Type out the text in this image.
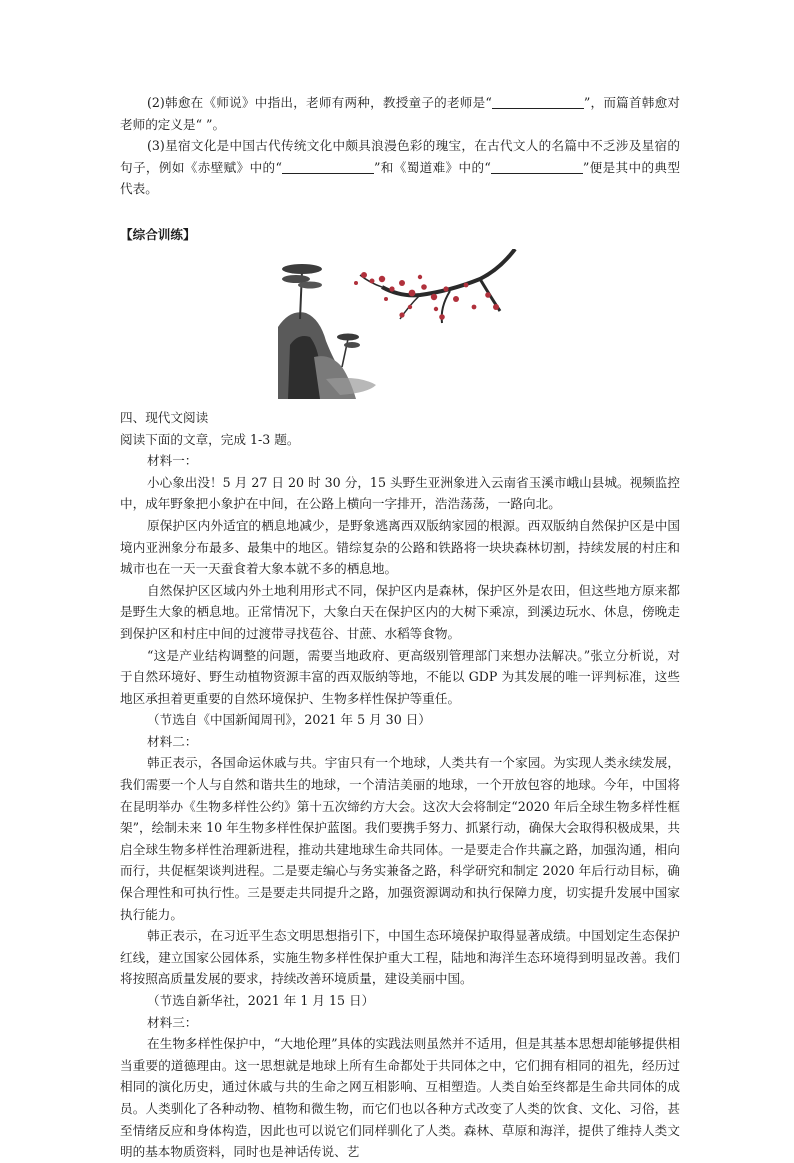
(2)韩愈在《师说》中指出，老师有两种，教授童子的老师是“	”，而篇首韩愈对老师的定义是“ ”。

(3)星宿文化是中国古代传统文化中颇具浪漫色彩的瑰宝，在古代文人的名篇中不乏涉及星宿的句子，例如《赤壁赋》中的“	”和《蜀道难》中的“	”便是其中的典型代表。

【综合训练】

四、现代文阅读

阅读下面的文章，完成 1-3 题。

材料一：

小心象出没！5 月 27 日 20 时 30 分，15 头野生亚洲象进入云南省玉溪市峨山县城。视频监控中，成年野象把小象护在中间，在公路上横向一字排开，浩浩荡荡，一路向北。

原保护区内外适宜的栖息地减少，是野象逃离西双版纳家园的根源。西双版纳自然保护区是中国境内亚洲象分布最多、最集中的地区。错综复杂的公路和铁路将一块块森林切割，持续发展的村庄和城市也在一天一天蚕食着大象本就不多的栖息地。

自然保护区区域内外土地利用形式不同，保护区内是森林，保护区外是农田，但这些地方原来都是野生大象的栖息地。正常情况下，大象白天在保护区内的大树下乘凉，到溪边玩水、休息，傍晚走到保护区和村庄中间的过渡带寻找苞谷、甘蔗、水稻等食物。

“这是产业结构调整的问题，需要当地政府、更高级别管理部门来想办法解决。”张立分析说，对于自然环境好、野生动植物资源丰富的西双版纳等地，不能以 GDP 为其发展的唯一评判标准，这些地区承担着更重要的自然环境保护、生物多样性保护等重任。

（节选自《中国新闻周刊》，2021 年 5 月 30 日）

材料二：

韩正表示，各国命运休戚与共。宇宙只有一个地球，人类共有一个家园。为实现人类永续发展，我们需要一个人与自然和谐共生的地球，一个清洁美丽的地球，一个开放包容的地球。今年，中国将在昆明举办《生物多样性公约》第十五次缔约方大会。这次大会将制定“2020 年后全球生物多样性框架”，绘制未来 10 年生物多样性保护蓝图。我们要携手努力、抓紧行动，确保大会取得积极成果，共启全球生物多样性治理新进程，推动共建地球生命共同体。一是要走合作共赢之路，加强沟通，相向而行，共促框架谈判进程。二是要走编心与务实兼备之路，科学研究和制定 2020 年后行动目标，确保合理性和可执行性。三是要走共同提升之路，加强资源调动和执行保障力度，切实提升发展中国家执行能力。

韩正表示，在习近平生态文明思想指引下，中国生态环境保护取得显著成绩。中国划定生态保护红线，建立国家公园体系，实施生物多样性保护重大工程，陆地和海洋生态环境得到明显改善。我们将按照高质量发展的要求，持续改善环境质量，建设美丽中国。

（节选自新华社，2021 年 1 月 15 日）

材料三：

在生物多样性保护中，“大地伦理”具体的实践法则虽然并不适用，但是其基本思想却能够提供相当重要的道德理由。这一思想就是地球上所有生命都处于共同体之中，它们拥有相同的祖先，经历过相同的演化历史，通过休戚与共的生命之网互相影响、互相塑造。人类自始至终都是生命共同体的成员。人类驯化了各种动物、植物和微生物，而它们也以各种方式改变了人类的饮食、文化、习俗，甚至情绪反应和身体构造，因此也可以说它们同样驯化了人类。森林、草原和海洋，提供了维持人类文明的基本物质资料，同时也是神话传说、艺
